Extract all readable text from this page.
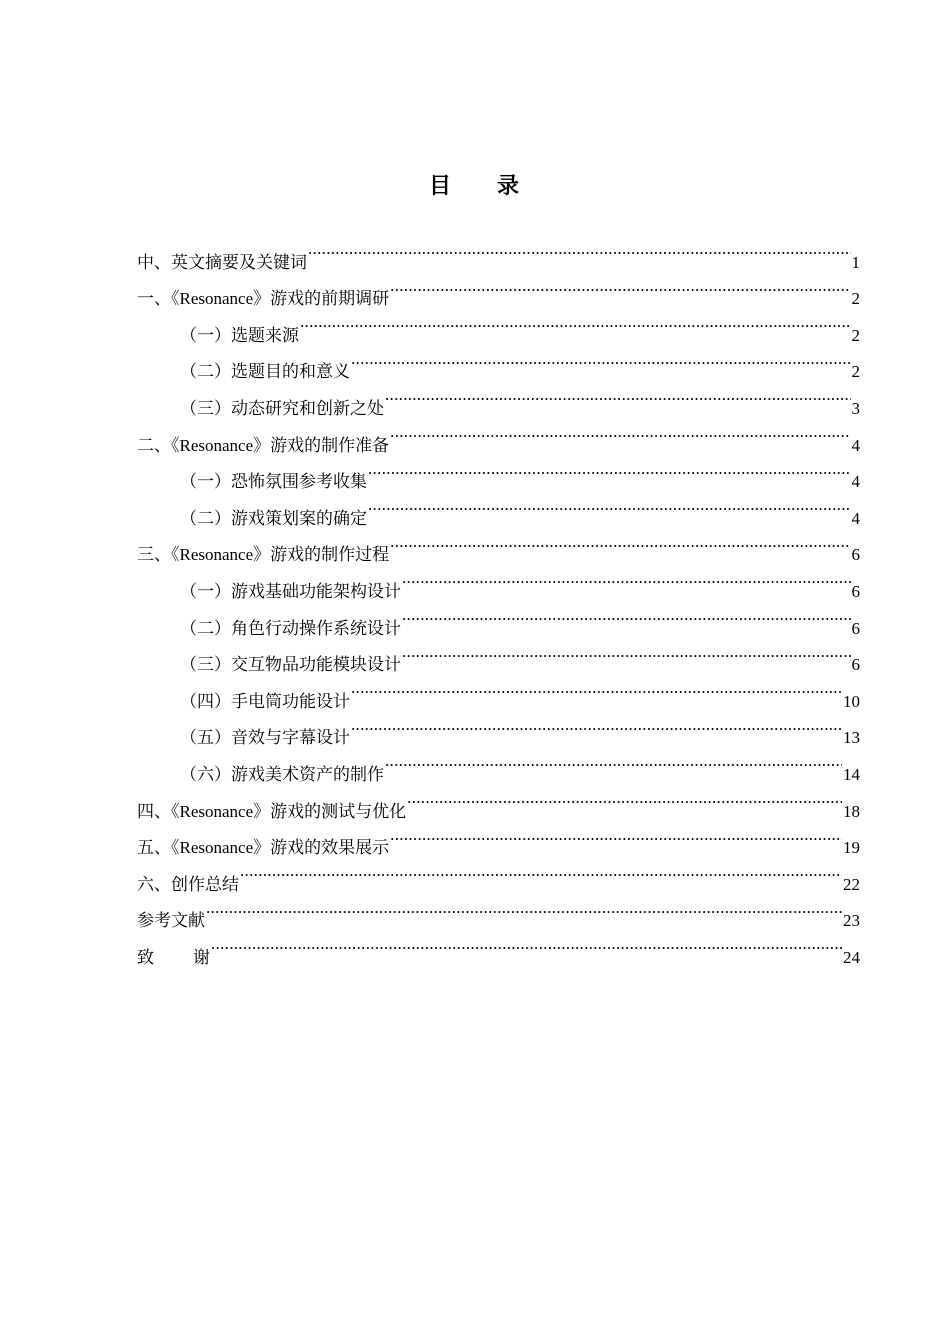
目 录
中、英文摘要及关键词 .....	1
一、《Resonance》游戏的前期调研 .....	2
（一）选题来源 .....	2
（二）选题目的和意义 .....	2
（三）动态研究和创新之处 .....	3
二、《Resonance》游戏的制作准备 .....	4
（一）恐怖氛围参考收集 .....	4
（二）游戏策划案的确定 .....	4
三、《Resonance》游戏的制作过程 .....	6
（一）游戏基础功能架构设计 .....	6
（二）角色行动操作系统设计 .....	6
（三）交互物品功能模块设计 .....	6
（四）手电筒功能设计 .....	10
（五）音效与字幕设计 .....	13
（六）游戏美术资产的制作 .....	14
四、《Resonance》游戏的测试与优化 .....	18
五、《Resonance》游戏的效果展示 .....	19
六、创作总结 .....	22
参考文献 .....	23
致 谢 .....	24
